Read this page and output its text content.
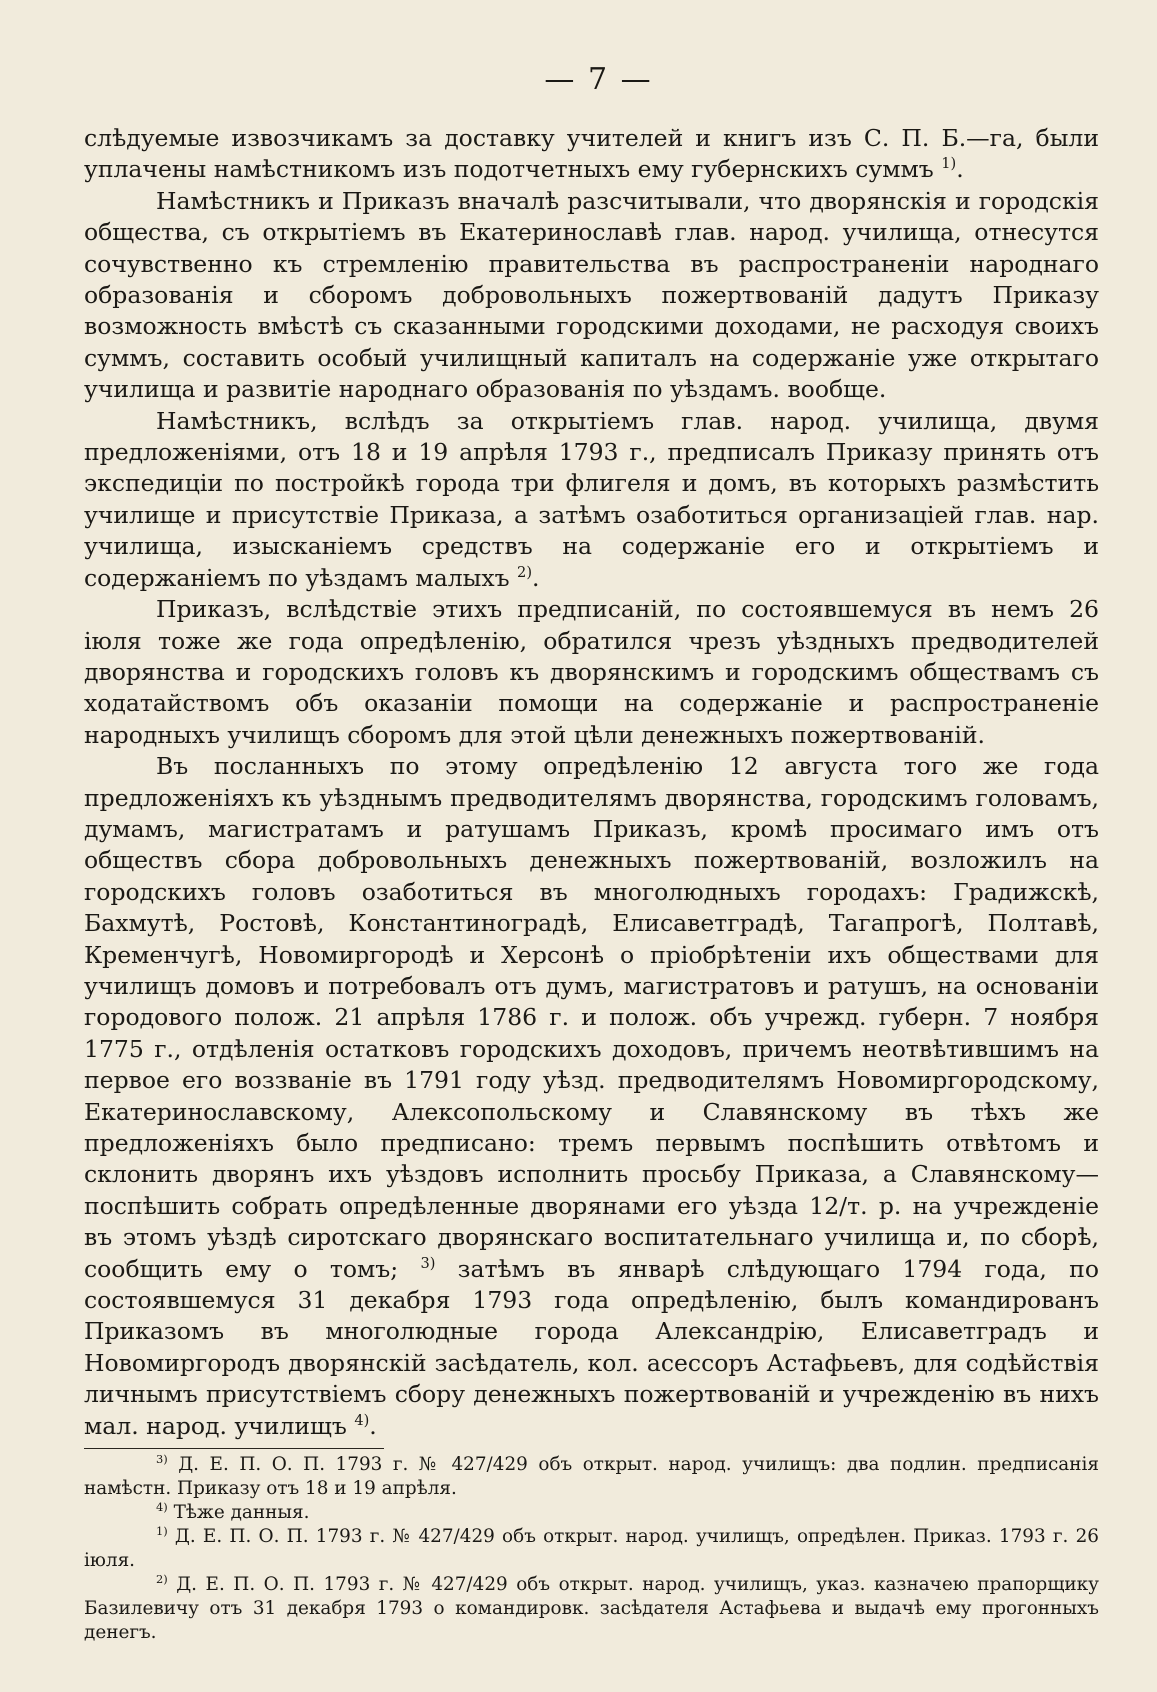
— 7 —

слѣдуемые извозчикамъ за доставку учителей и книгъ изъ С. П. Б.—га, были уплачены намѣстникомъ изъ подотчетныхъ ему губернскихъ суммъ $^{1)}$.

Намѣстникъ и Приказъ вначалѣ разсчитывали, что дворянскія и городскія общества, съ открытіемъ въ Екатеринославѣ глав. народ. училища, отнесутся сочувственно къ стремленію правительства въ распространеніи народнаго образованія и сборомъ добровольныхъ пожертвованій дадутъ Приказу возможность вмѣстѣ съ сказанными городскими доходами, не расходуя своихъ суммъ, составить особый училищный капиталъ на содержаніе уже открытаго училища и развитіе народнаго образованія по уѣздамъ. вообще.

Намѣстникъ, вслѣдъ за открытіемъ глав. народ. училища, двумя предложеніями, отъ 18 и 19 апрѣля 1793 г., предписалъ Приказу принять отъ экспедиціи по постройкѣ города три флигеля и домъ, въ которыхъ размѣстить училище и присутствіе Приказа, а затѣмъ озаботиться организаціей глав. нар. училища, изысканіемъ средствъ на содержаніе его и открытіемъ и содержаніемъ по уѣздамъ малыхъ $^{2)}$.

Приказъ, вслѣдствіе этихъ предписаній, по состоявшемуся въ немъ 26 іюля тоже же года опредѣленію, обратился чрезъ уѣздныхъ предводителей дворянства и городскихъ головъ къ дворянскимъ и городскимъ обществамъ съ ходатайствомъ объ оказаніи помощи на содержаніе и распространеніе народныхъ училищъ сборомъ для этой цѣли денежныхъ пожертвованій.

Въ посланныхъ по этому опредѣленію 12 августа того же года предложеніяхъ къ уѣзднымъ предводителямъ дворянства, городскимъ головамъ, думамъ, магистратамъ и ратушамъ Приказъ, кромѣ просимаго имъ отъ обществъ сбора добровольныхъ денежныхъ пожертвованій, возложилъ на городскихъ головъ озаботиться въ многолюдныхъ городахъ: Градижскѣ, Бахмутѣ, Ростовѣ, Константиноградѣ, Елисаветградѣ, Тагапрогѣ, Полтавѣ, Кременчугѣ, Новомиргородѣ и Херсонѣ о пріобрѣтеніи ихъ обществами для училищъ домовъ и потребовалъ отъ думъ, магистратовъ и ратушъ, на основаніи городового полож. 21 апрѣля 1786 г. и полож. объ учрежд. губерн. 7 ноября 1775 г., отдѣленія остатковъ городскихъ доходовъ, причемъ неотвѣтившимъ на первое его воззваніе въ 1791 году уѣзд. предводителямъ Новомиргородскому, Екатеринославскому, Алексопольскому и Славянскому въ тѣхъ же предложеніяхъ было предписано: тремъ первымъ поспѣшить отвѣтомъ и склонить дворянъ ихъ уѣздовъ исполнить просьбу Приказа, а Славянскому—поспѣшить собрать опредѣленные дворянами его уѣзда 12/т. р. на учрежденіе въ этомъ уѣздѣ сиротскаго дворянскаго воспитательнаго училища и, по сборѣ, сообщить ему о томъ; $^{3)}$ затѣмъ въ январѣ слѣдующаго 1794 года, по состоявшемуся 31 декабря 1793 года опредѣленію, былъ командированъ Приказомъ въ многолюдные города Александрію, Елисаветградъ и Новомиргородъ дворянскій засѣдатель, кол. асессоръ Астафьевъ, для содѣйствія личнымъ присутствіемъ сбору денежныхъ пожертвованій и учрежденію въ нихъ мал. народ. училищъ $^{4)}$.

$^{3)}$ Д. Е. П. О. П. 1793 г. № 427/429 объ открыт. народ. училищъ: два подлин. предписанія намѣстн. Приказу отъ 18 и 19 апрѣля.

$^{4)}$ Тѣже данныя.

$^{1)}$ Д. Е. П. О. П. 1793 г. № 427/429 объ открыт. народ. училищъ, опредѣлен. Приказ. 1793 г. 26 іюля.

$^{2)}$ Д. Е. П. О. П. 1793 г. № 427/429 объ открыт. народ. училищъ, указ. казначею прапорщику Базилевичу отъ 31 декабря 1793 о командировк. засѣдателя Астафьева и выдачѣ ему прогонныхъ денегъ.
